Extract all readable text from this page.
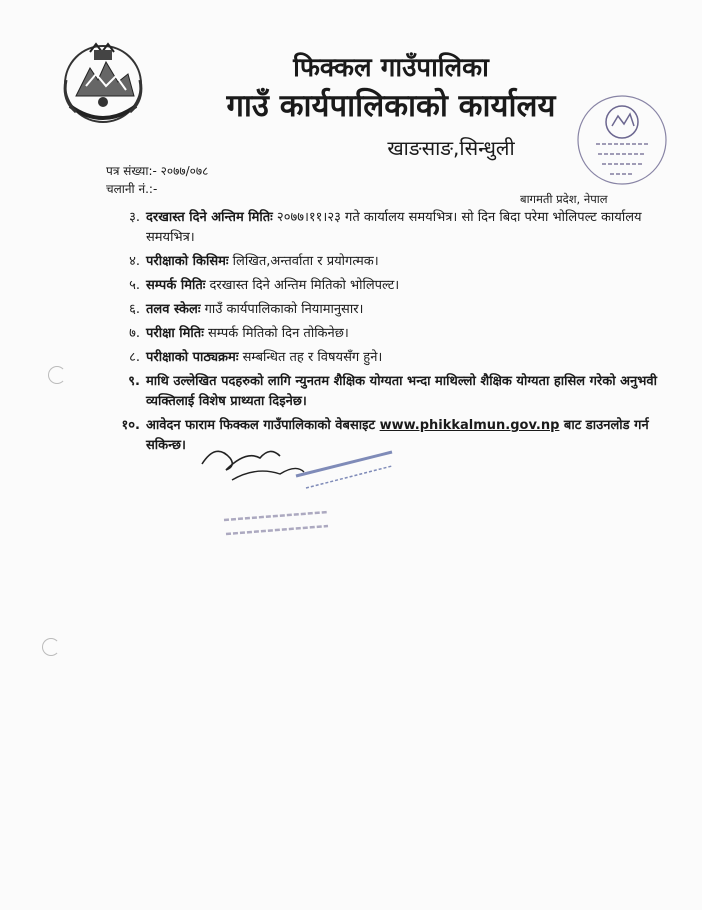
फिक्कल गाउँपालिका
गाउँ कार्यपालिकाको कार्यालय
खाङसाङ,सिन्धुली
पत्र संख्या:- २०७७/०७८
चलानी नं.:-
बागमती प्रदेश, नेपाल
३. दरखास्त दिने अन्तिम मितिः २०७७।११।२३ गते कार्यालय समयभित्र। सो दिन बिदा परेमा भोलिपल्ट कार्यालय समयभित्र।
४. परीक्षाको किसिमः लिखित,अन्तर्वाता र प्रयोगत्मक।
५. सम्पर्क मितिः दरखास्त दिने अन्तिम मितिको भोलिपल्ट।
६. तलव स्केलः गाउँ कार्यपालिकाको नियामानुसार।
७. परीक्षा मितिः सम्पर्क मितिको दिन तोकिनेछ।
८. परीक्षाको पाठ्यक्रमः सम्बन्धित तह र विषयसँग हुने।
९. माथि उल्लेखित पदहरुको लागि न्युनतम शैक्षिक योग्यता भन्दा माथिल्लो शैक्षिक योग्यता हासिल गरेको अनुभवी व्यक्तिलाई विशेष प्राथ्यता दिइनेछ।
१०. आवेदन फाराम फिक्कल गाउँपालिकाको वेबसाइट www.phikkalmun.gov.np बाट डाउनलोड गर्न सकिन्छ।
